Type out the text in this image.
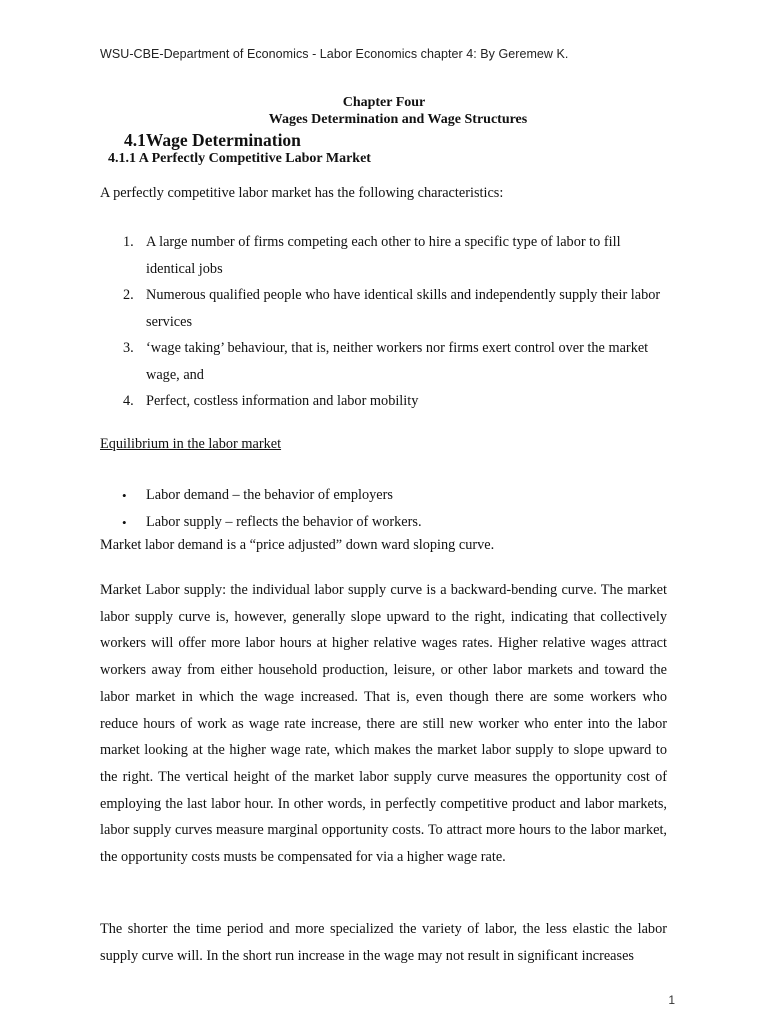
WSU-CBE-Department of Economics - Labor Economics chapter 4: By Geremew K.
Chapter Four
Wages Determination and Wage Structures
4.1Wage Determination
4.1.1 A Perfectly Competitive Labor Market
A perfectly competitive labor market has the following characteristics:
1. A large number of firms competing each other to hire a specific type of labor to fill identical jobs
2. Numerous qualified people who have identical skills and independently supply their labor services
3. ‘wage taking’ behaviour, that is, neither workers nor firms exert control over the market wage, and
4. Perfect, costless information and labor mobility
Equilibrium in the labor market
• Labor demand – the behavior of employers
• Labor supply – reflects the behavior of workers.
Market labor demand is a “price adjusted” down ward sloping curve.

Market Labor supply: the individual labor supply curve is a backward-bending curve. The market labor supply curve is, however, generally slope upward to the right, indicating that collectively workers will offer more labor hours at higher relative wages rates. Higher relative wages attract workers away from either household production, leisure, or other labor markets and toward the labor market in which the wage increased. That is, even though there are some workers who reduce hours of work as wage rate increase, there are still new worker who enter into the labor market looking at the higher wage rate, which makes the market labor supply to slope upward to the right. The vertical height of the market labor supply curve measures the opportunity cost of employing the last labor hour. In other words, in perfectly competitive product and labor markets, labor supply curves measure marginal opportunity costs. To attract more hours to the labor market, the opportunity costs musts be compensated for via a higher wage rate.

The shorter the time period and more specialized the variety of labor, the less elastic the labor supply curve will. In the short run increase in the wage may not result in significant increases

1
